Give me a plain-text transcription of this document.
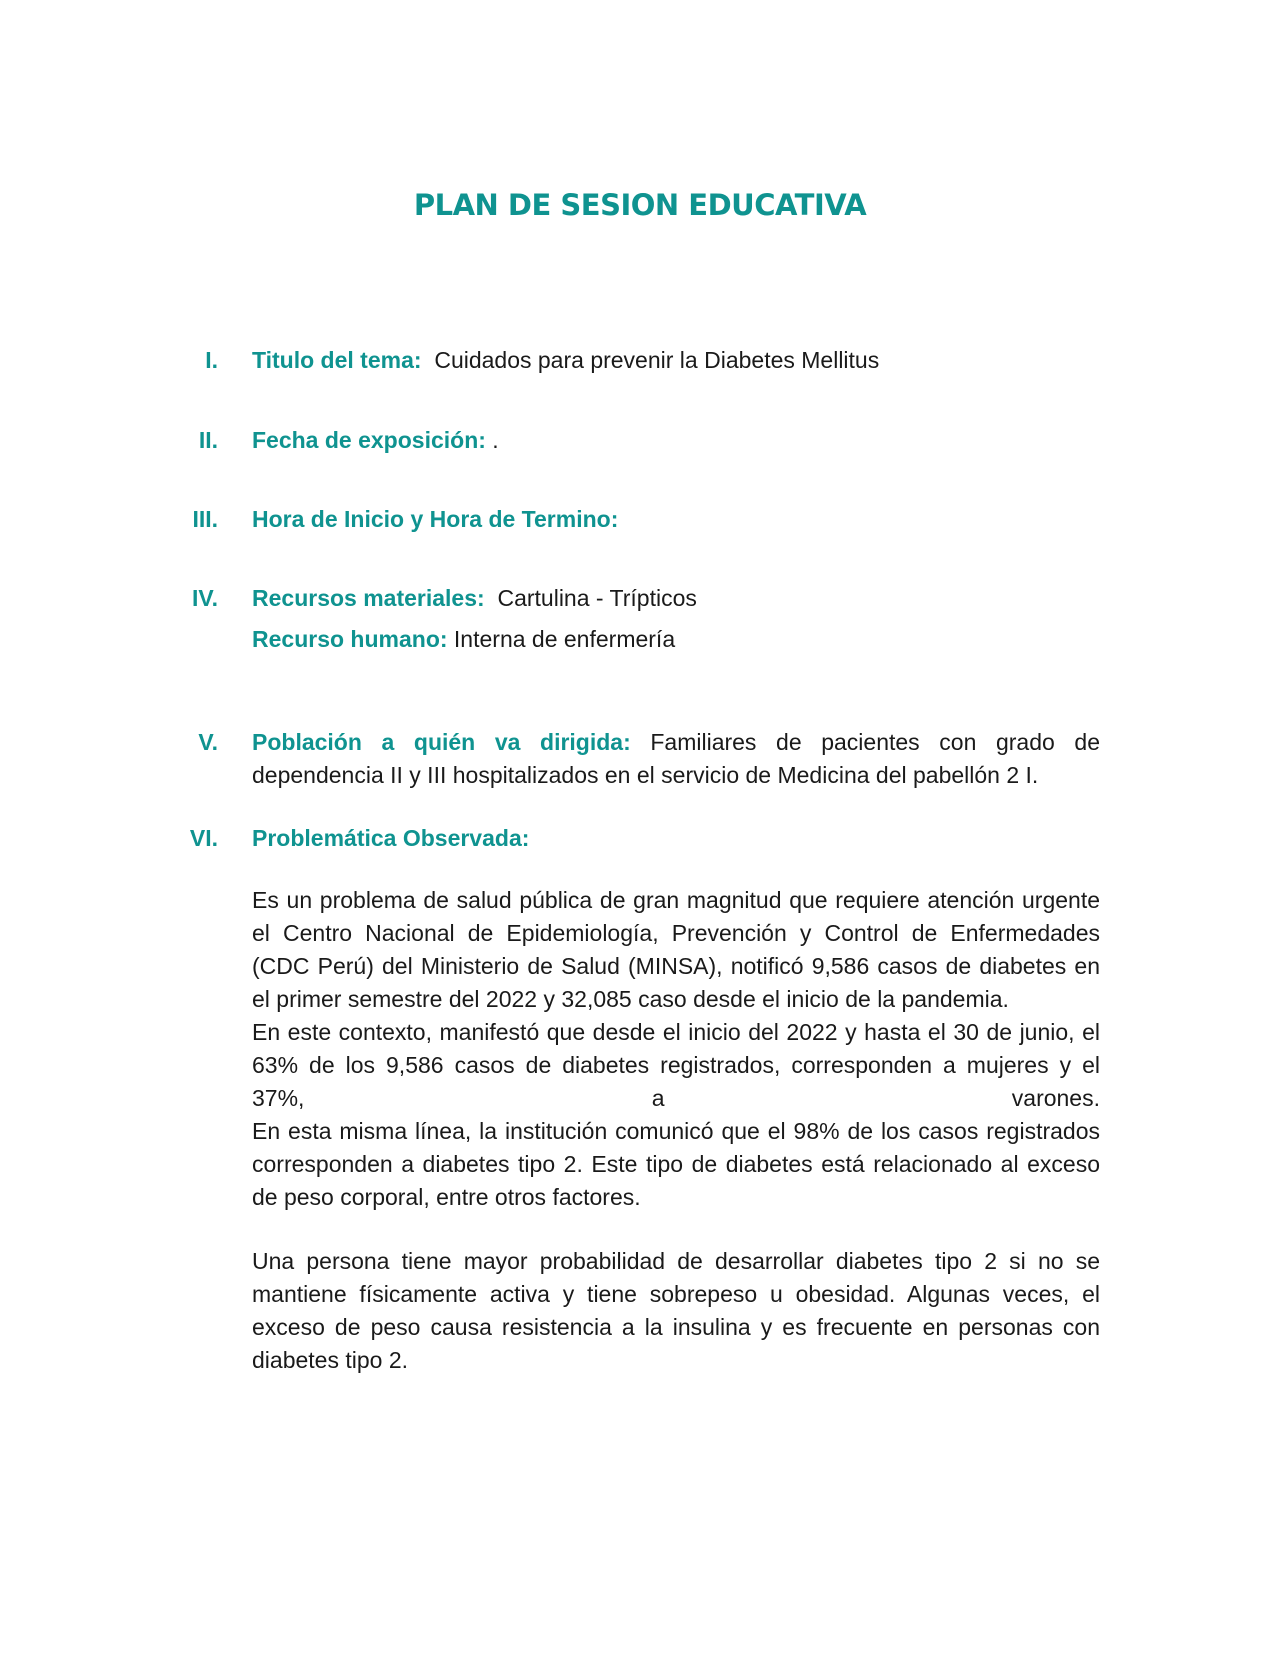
PLAN DE SESION EDUCATIVA
I. Titulo del tema: Cuidados para prevenir la Diabetes Mellitus
II. Fecha de exposición: .
III. Hora de Inicio y Hora de Termino:
IV. Recursos materiales: Cartulina - Trípticos
Recurso humano: Interna de enfermería
V. Población a quién va dirigida: Familiares de pacientes con grado de dependencia II y III hospitalizados en el servicio de Medicina del pabellón 2 I.
VI. Problemática Observada:

Es un problema de salud pública de gran magnitud que requiere atención urgente el Centro Nacional de Epidemiología, Prevención y Control de Enfermedades (CDC Perú) del Ministerio de Salud (MINSA), notificó 9,586 casos de diabetes en el primer semestre del 2022 y 32,085 caso desde el inicio de la pandemia.

En este contexto, manifestó que desde el inicio del 2022 y hasta el 30 de junio, el 63% de los 9,586 casos de diabetes registrados, corresponden a mujeres y el 37%, a varones.

En esta misma línea, la institución comunicó que el 98% de los casos registrados corresponden a diabetes tipo 2. Este tipo de diabetes está relacionado al exceso de peso corporal, entre otros factores.

Una persona tiene mayor probabilidad de desarrollar diabetes tipo 2 si no se mantiene físicamente activa y tiene sobrepeso u obesidad. Algunas veces, el exceso de peso causa resistencia a la insulina y es frecuente en personas con diabetes tipo 2.
